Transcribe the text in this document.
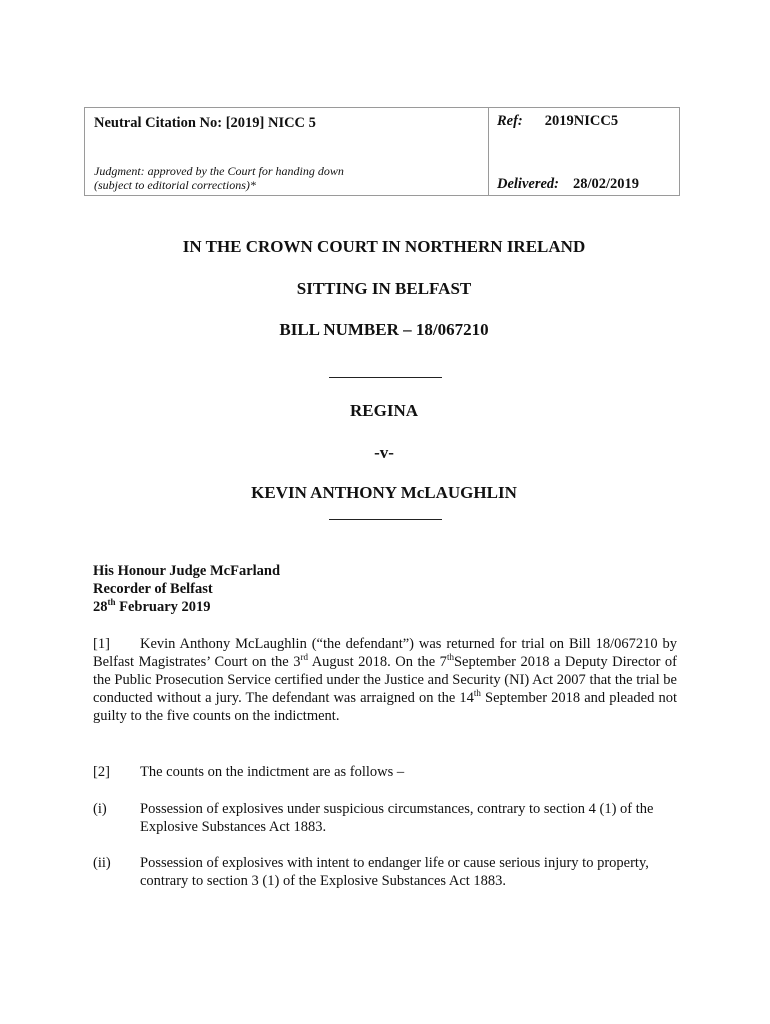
Neutral Citation No: [2019] NICC 5
Judgment: approved by the Court for handing down
(subject to editorial corrections)*
Ref: 2019NICC5
Delivered: 28/02/2019
IN THE CROWN COURT IN NORTHERN IRELAND
SITTING IN BELFAST
BILL NUMBER – 18/067210
REGINA
-v-
KEVIN ANTHONY McLAUGHLIN
His Honour Judge McFarland
Recorder of Belfast
28th February 2019
[1] Kevin Anthony McLaughlin (“the defendant”) was returned for trial on Bill 18/067210 by Belfast Magistrates’ Court on the 3rd August 2018. On the 7thSeptember 2018 a Deputy Director of the Public Prosecution Service certified under the Justice and Security (NI) Act 2007 that the trial be conducted without a jury. The defendant was arraigned on the 14th September 2018 and pleaded not guilty to the five counts on the indictment.
[2] The counts on the indictment are as follows –
(i) Possession of explosives under suspicious circumstances, contrary to section 4 (1) of the Explosive Substances Act 1883.
(ii) Possession of explosives with intent to endanger life or cause serious injury to property, contrary to section 3 (1) of the Explosive Substances Act 1883.
